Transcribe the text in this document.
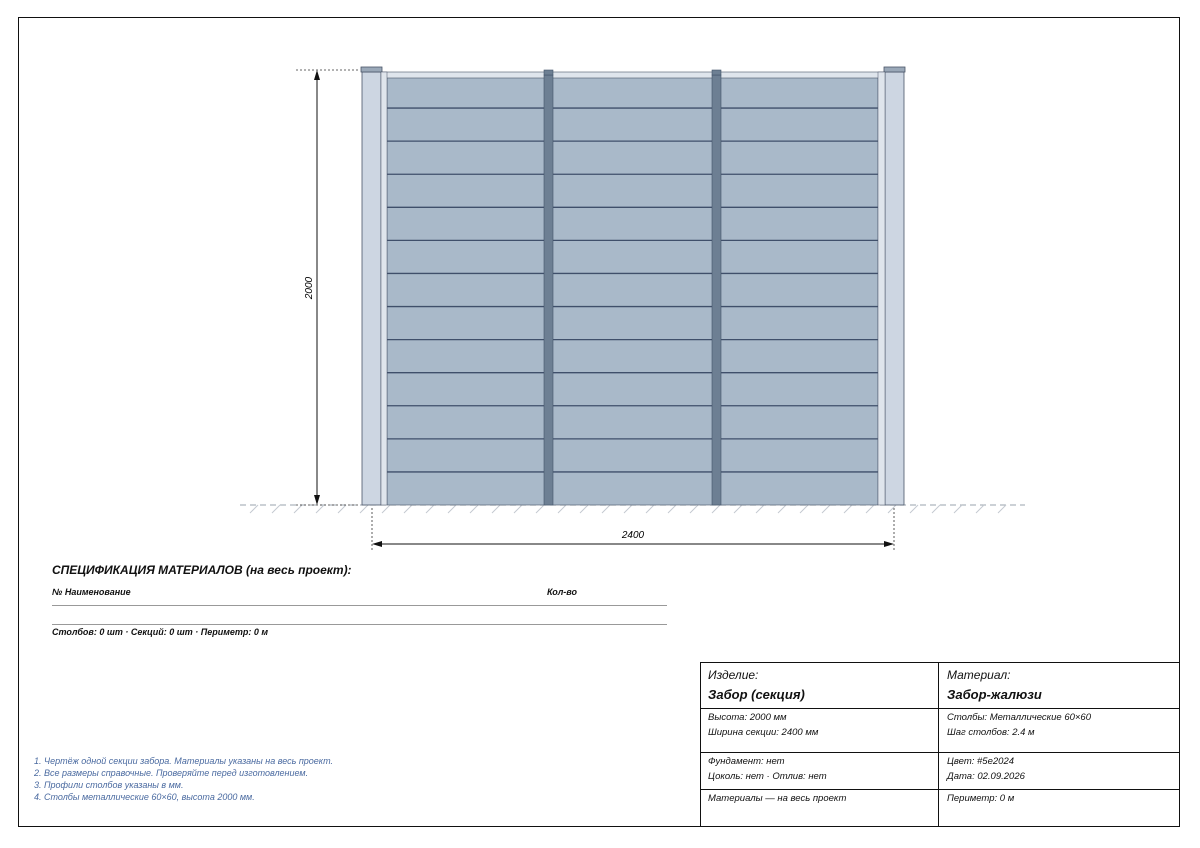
2000
2400
СПЕЦИФИКАЦИЯ МАТЕРИАЛОВ (на весь проект):
№ Наименование	Кол-во
Столбов: 0 шт · Секций: 0 шт · Периметр: 0 м
1. Чертёж одной секции забора. Материалы указаны на весь проект.
2. Все размеры справочные. Проверяйте перед изготовлением.
3. Профили столбов указаны в мм.
4. Столбы металлические 60×60, высота 2000 мм.
Изделие:
Забор (секция)
Материал:
Забор-жалюзи
Высота: 2000 мм
Ширина секции: 2400 мм
Столбы: Металлические 60×60
Шаг столбов: 2.4 м
Фундамент: нет
Цоколь: нет · Отлив: нет
Цвет: #5e2024
Дата: 02.09.2026
Материалы — на весь проект	Периметр: 0 м
